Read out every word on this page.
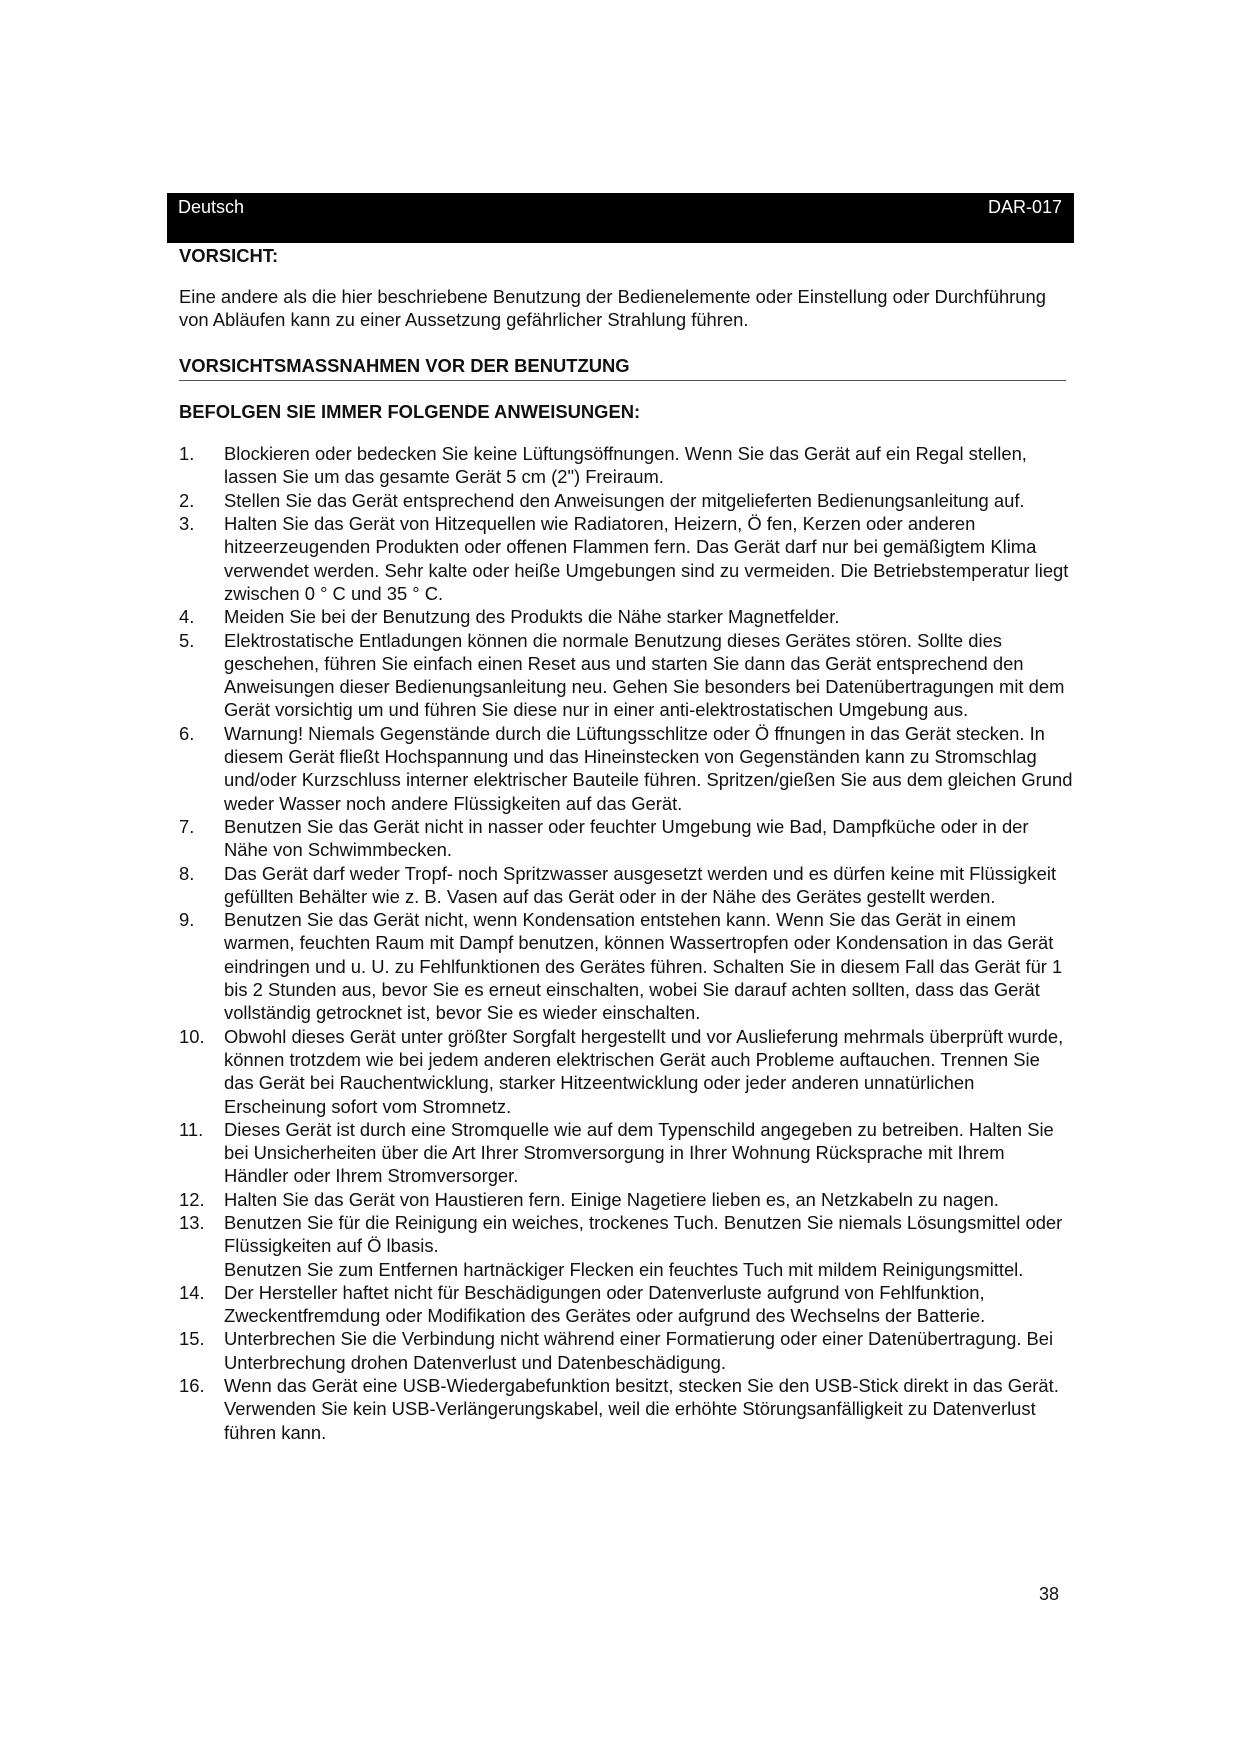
Deutsch	DAR-017

VORSICHT:

Eine andere als die hier beschriebene Benutzung der Bedienelemente oder Einstellung oder Durchführung von Abläufen kann zu einer Aussetzung gefährlicher Strahlung führen.

VORSICHTSMASSNAHMEN VOR DER BENUTZUNG
BEFOLGEN SIE IMMER FOLGENDE ANWEISUNGEN:
1. Blockieren oder bedecken Sie keine Lüftungsöffnungen. Wenn Sie das Gerät auf ein Regal stellen, lassen Sie um das gesamte Gerät 5 cm (2") Freiraum.
2. Stellen Sie das Gerät entsprechend den Anweisungen der mitgelieferten Bedienungsanleitung auf.
3. Halten Sie das Gerät von Hitzequellen wie Radiatoren, Heizern, Ö fen, Kerzen oder anderen hitzeerzeugenden Produkten oder offenen Flammen fern. Das Gerät darf nur bei gemäßigtem Klima verwendet werden. Sehr kalte oder heiße Umgebungen sind zu vermeiden. Die Betriebstemperatur liegt zwischen 0 ° C und 35 ° C.
4. Meiden Sie bei der Benutzung des Produkts die Nähe starker Magnetfelder.
5. Elektrostatische Entladungen können die normale Benutzung dieses Gerätes stören. Sollte dies geschehen, führen Sie einfach einen Reset aus und starten Sie dann das Gerät entsprechend den Anweisungen dieser Bedienungsanleitung neu. Gehen Sie besonders bei Datenübertragungen mit dem Gerät vorsichtig um und führen Sie diese nur in einer anti-elektrostatischen Umgebung aus.
6. Warnung! Niemals Gegenstände durch die Lüftungsschlitze oder Ö ffnungen in das Gerät stecken. In diesem Gerät fließt Hochspannung und das Hineinstecken von Gegenständen kann zu Stromschlag und/oder Kurzschluss interner elektrischer Bauteile führen. Spritzen/gießen Sie aus dem gleichen Grund weder Wasser noch andere Flüssigkeiten auf das Gerät.
7. Benutzen Sie das Gerät nicht in nasser oder feuchter Umgebung wie Bad, Dampfküche oder in der Nähe von Schwimmbecken.
8. Das Gerät darf weder Tropf- noch Spritzwasser ausgesetzt werden und es dürfen keine mit Flüssigkeit gefüllten Behälter wie z. B. Vasen auf das Gerät oder in der Nähe des Gerätes gestellt werden.
9. Benutzen Sie das Gerät nicht, wenn Kondensation entstehen kann. Wenn Sie das Gerät in einem warmen, feuchten Raum mit Dampf benutzen, können Wassertropfen oder Kondensation in das Gerät eindringen und u. U. zu Fehlfunktionen des Gerätes führen. Schalten Sie in diesem Fall das Gerät für 1 bis 2 Stunden aus, bevor Sie es erneut einschalten, wobei Sie darauf achten sollten, dass das Gerät vollständig getrocknet ist, bevor Sie es wieder einschalten.
10. Obwohl dieses Gerät unter größter Sorgfalt hergestellt und vor Auslieferung mehrmals überprüft wurde, können trotzdem wie bei jedem anderen elektrischen Gerät auch Probleme auftauchen. Trennen Sie das Gerät bei Rauchentwicklung, starker Hitzeentwicklung oder jeder anderen unnatürlichen Erscheinung sofort vom Stromnetz.
11. Dieses Gerät ist durch eine Stromquelle wie auf dem Typenschild angegeben zu betreiben. Halten Sie bei Unsicherheiten über die Art Ihrer Stromversorgung in Ihrer Wohnung Rücksprache mit Ihrem Händler oder Ihrem Stromversorger.
12. Halten Sie das Gerät von Haustieren fern. Einige Nagetiere lieben es, an Netzkabeln zu nagen.
13. Benutzen Sie für die Reinigung ein weiches, trockenes Tuch. Benutzen Sie niemals Lösungsmittel oder Flüssigkeiten auf Ö lbasis.
Benutzen Sie zum Entfernen hartnäckiger Flecken ein feuchtes Tuch mit mildem Reinigungsmittel.
14. Der Hersteller haftet nicht für Beschädigungen oder Datenverluste aufgrund von Fehlfunktion, Zweckentfremdung oder Modifikation des Gerätes oder aufgrund des Wechselns der Batterie.
15. Unterbrechen Sie die Verbindung nicht während einer Formatierung oder einer Datenübertragung. Bei Unterbrechung drohen Datenverlust und Datenbeschädigung.
16. Wenn das Gerät eine USB-Wiedergabefunktion besitzt, stecken Sie den USB-Stick direkt in das Gerät. Verwenden Sie kein USB-Verlängerungskabel, weil die erhöhte Störungsanfälligkeit zu Datenverlust führen kann.
38
